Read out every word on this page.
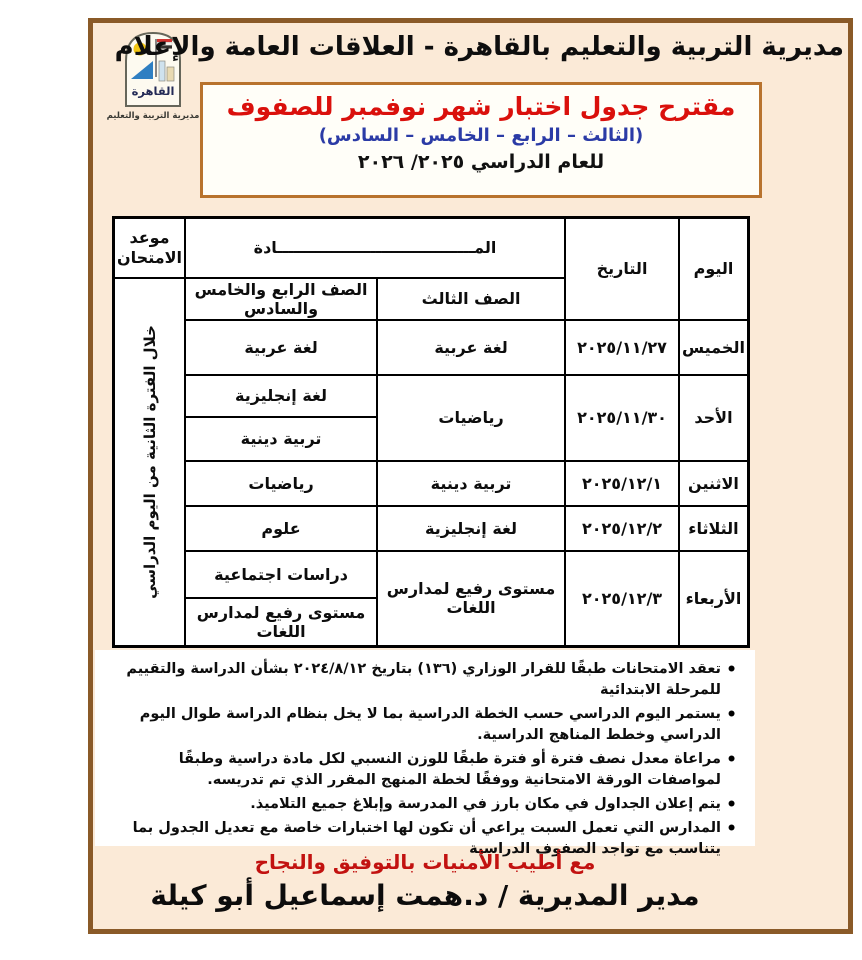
القاهرة
مديرية التربية والتعليم
مديرية التربية والتعليم بالقاهرة - العلاقات العامة والإعلام
مقترح جدول اختبار شهر نوفمبر للصفوف
(الثالث – الرابع – الخامس – السادس)
للعام الدراسي ٢٠٢٥/ ٢٠٢٦
اليوم	التاريخ	المــــــــــــــــــــــــــــــــــــادة		موعد الامتحان
		الصف الثالث	الصف الرابع والخامس والسادس	خلال الفترة الثانية من اليوم الدراسي

الخميس	٢٠٢٥/١١/٢٧	لغة عربية	لغة عربية	
الأحد	٢٠٢٥/١١/٣٠	رياضيات	لغة إنجليزية	
			تربية دينية	
الاثنين	٢٠٢٥/١٢/١	تربية دينية	رياضيات	
الثلاثاء	٢٠٢٥/١٢/٢	لغة إنجليزية	علوم	
الأربعاء	٢٠٢٥/١٢/٣	مستوى رفيع لمدارس اللغات	دراسات اجتماعية	
			مستوى رفيع لمدارس اللغات	
• تعقد الامتحانات طبقًا للقرار الوزاري (١٣٦) بتاريخ ٢٠٢٤/٨/١٢ بشأن الدراسة والتقييم للمرحلة الابتدائية
• يستمر اليوم الدراسي حسب الخطة الدراسية بما لا يخل بنظام الدراسة طوال اليوم الدراسي وخطط المناهج الدراسية.
• مراعاة معدل نصف فترة أو فترة طبقًا للوزن النسبي لكل مادة دراسية وطبقًا لمواصفات الورقة الامتحانية ووفقًا لخطة المنهج المقرر الذي تم تدريسه.
• يتم إعلان الجداول في مكان بارز في المدرسة وإبلاغ جميع التلاميذ.
• المدارس التي تعمل السبت يراعي أن تكون لها اختبارات خاصة مع تعديل الجدول بما يتناسب مع تواجد الصفوف الدراسية
مع أطيب الأمنيات بالتوفيق والنجاح
مدير المديرية / د.همت إسماعيل أبو كيلة
